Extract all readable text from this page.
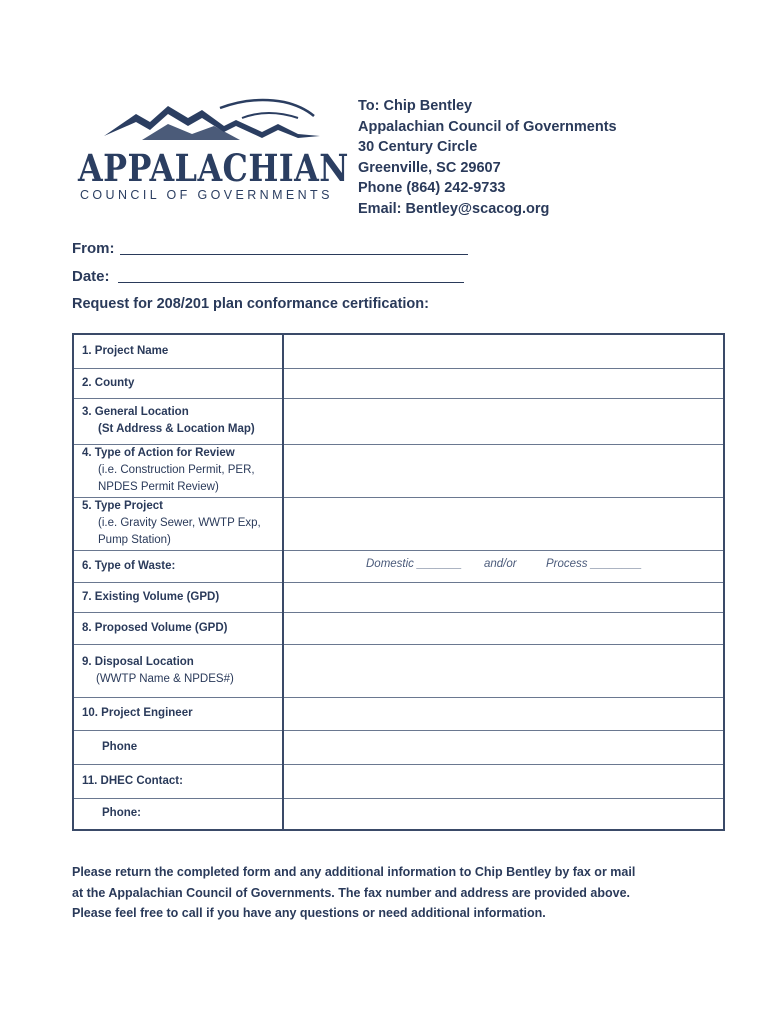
APPALACHIAN
COUNCIL OF GOVERNMENTS
To: Chip Bentley
Appalachian Council of Governments
30 Century Circle
Greenville, SC 29607
Phone (864) 242-9733
Email: Bentley@scacog.org
From:
Date:
Request for 208/201 plan conformance certification:
1. Project Name	
2. County	
3. General Location
(St Address & Location Map)	

4. Type of Action for Review
(i.e. Construction Permit, PER,
NPDES Permit Review)	

5. Type Project
(i.e. Gravity Sewer, WWTP Exp,
Pump Station)	

6. Type of Waste:	Domestic _______ and/or Process ________

7. Existing Volume (GPD)	
8. Proposed Volume (GPD)	
9. Disposal Location
(WWTP Name & NPDES#)	

10. Project Engineer	

Phone	

11. DHEC Contact:	

Phone:	

Please return the completed form and any additional information to Chip Bentley by fax or mail
at the Appalachian Council of Governments. The fax number and address are provided above.
Please feel free to call if you have any questions or need additional information.
